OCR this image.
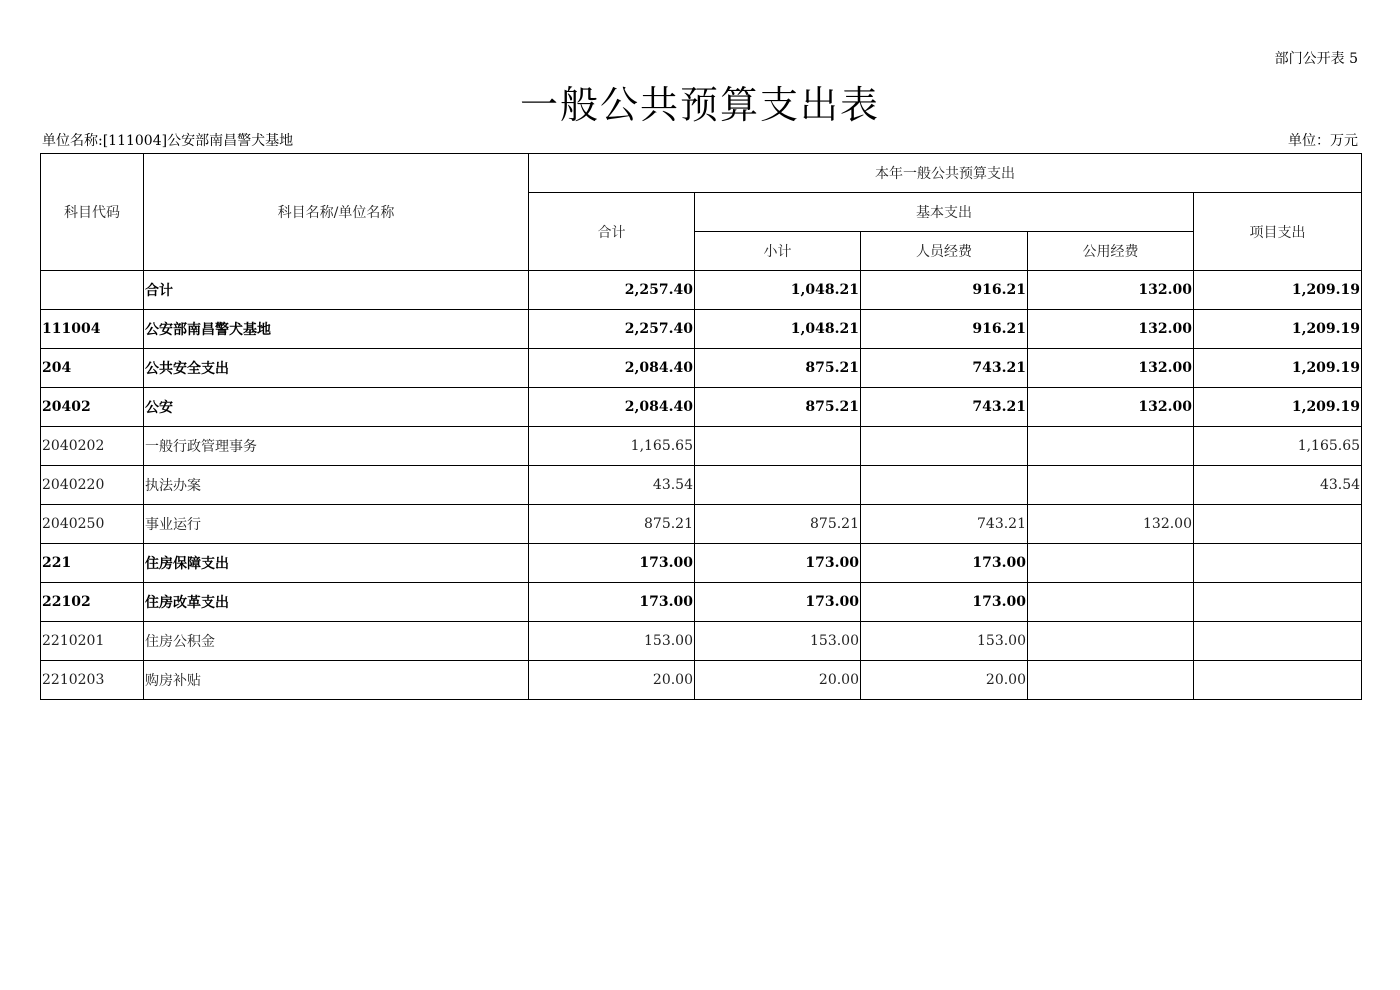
部门公开表 5
一般公共预算支出表
单位名称:[111004]公安部南昌警犬基地	单位：万元
科目代码	科目名称/单位名称	本年一般公共预算支出				
		合计	基本支出			项目支出
			小计	人员经费	公用经费	
	合计	2,257.40	1,048.21	916.21	132.00	1,209.19
111004	公安部南昌警犬基地	2,257.40	1,048.21	916.21	132.00	1,209.19
204	公共安全支出	2,084.40	875.21	743.21	132.00	1,209.19
20402	公安	2,084.40	875.21	743.21	132.00	1,209.19
2040202	一般行政管理事务	1,165.65				1,165.65
2040220	执法办案	43.54				43.54
2040250	事业运行	875.21	875.21	743.21	132.00	
221	住房保障支出	173.00	173.00	173.00		
22102	住房改革支出	173.00	173.00	173.00		
2210201	住房公积金	153.00	153.00	153.00		
2210203	购房补贴	20.00	20.00	20.00		
